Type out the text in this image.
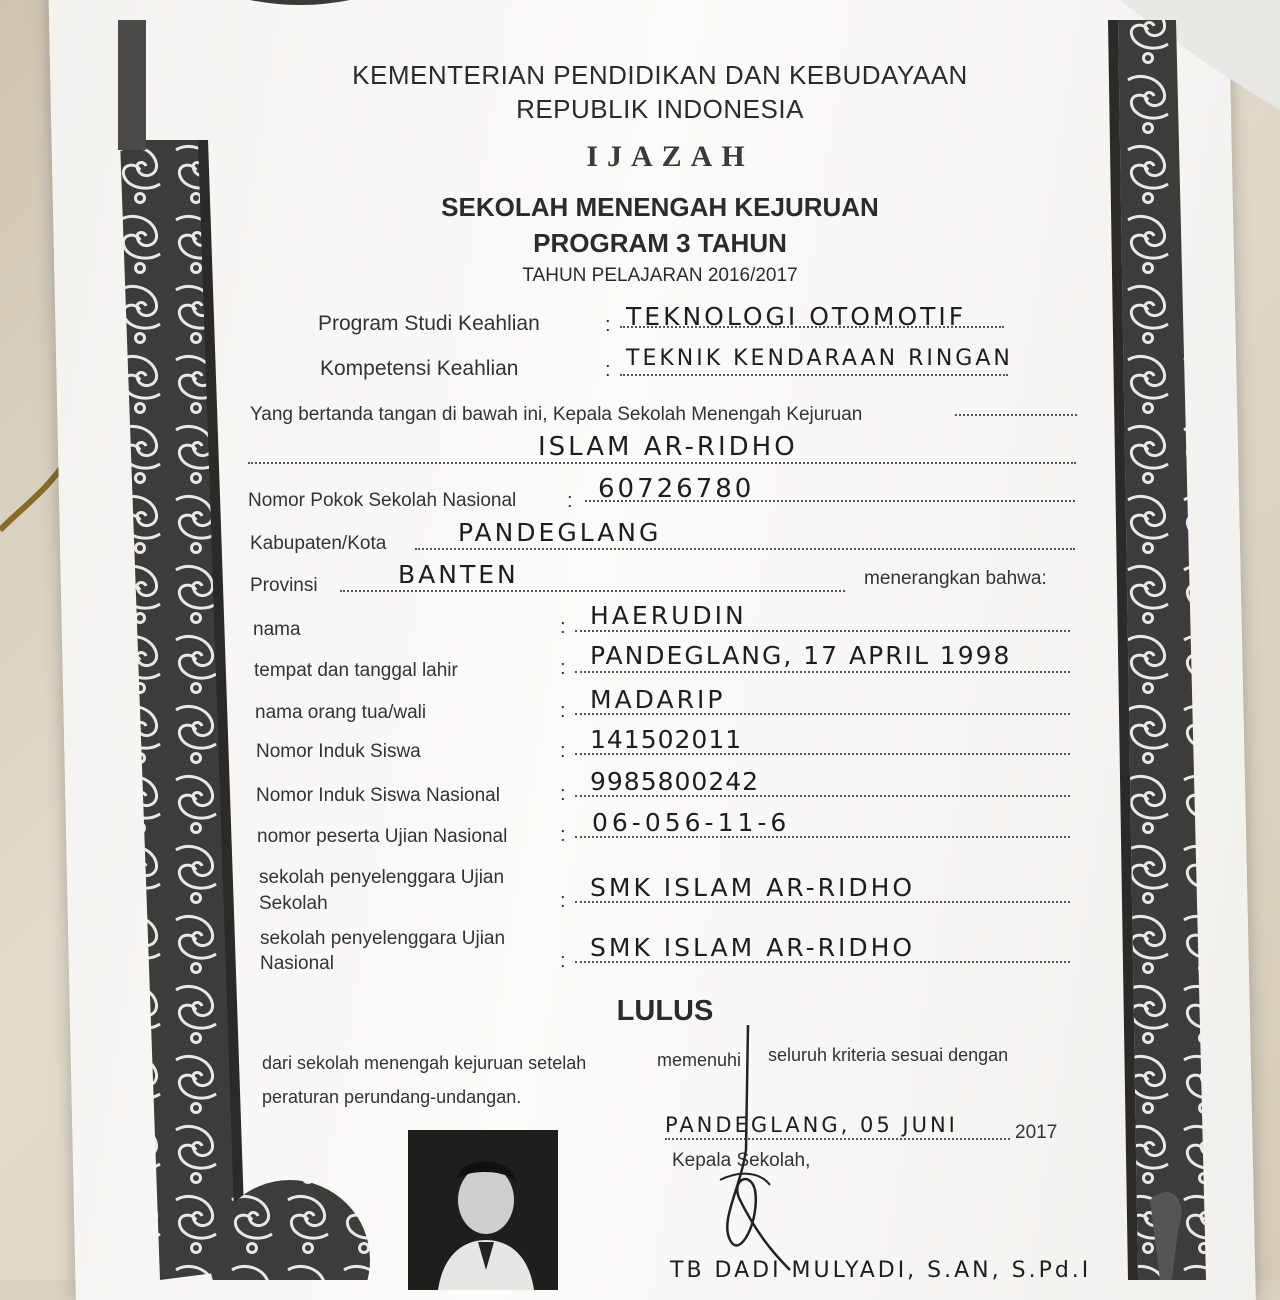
KEMENTERIAN PENDIDIKAN DAN KEBUDAYAAN
REPUBLIK INDONESIA
IJAZAH
SEKOLAH MENENGAH KEJURUAN
PROGRAM 3 TAHUN
TAHUN PELAJARAN 2016/2017
Program Studi Keahlian	: TEKNOLOGI OTOMOTIF
Kompetensi Keahlian	: TEKNIK KENDARAAN RINGAN
Yang bertanda tangan di bawah ini, Kepala Sekolah Menengah Kejuruan
ISLAM AR-RIDHO
Nomor Pokok Sekolah Nasional	: 60726780
Kabupaten/Kota	PANDEGLANG
Provinsi	BANTEN	menerangkan bahwa:
nama	: HAERUDIN
tempat dan tanggal lahir	: PANDEGLANG, 17 APRIL 1998
nama orang tua/wali	: MADARIP
Nomor Induk Siswa	: 141502011
Nomor Induk Siswa Nasional	: 9985800242
nomor peserta Ujian Nasional	: 06-056-11-6
sekolah penyelenggara Ujian
Sekolah	: SMK ISLAM AR-RIDHO
sekolah penyelenggara Ujian
Nasional	: SMK ISLAM AR-RIDHO
LULUS
dari sekolah menengah kejuruan setelah	memenuhi seluruh kriteria sesuai dengan
peraturan perundang-undangan.
PANDEGLANG, 05 JUNI	2017
Kepala Sekolah,
TB DADI MULYADI, S.AN, S.Pd.I
